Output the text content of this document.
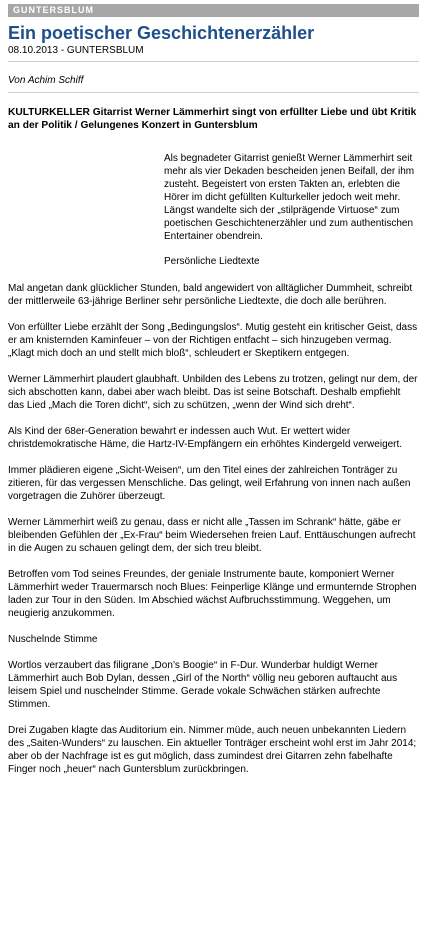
GUNTERSBLUM
Ein poetischer Geschichtenerzähler
08.10.2013 - GUNTERSBLUM
Von Achim Schiff
KULTURKELLER Gitarrist Werner Lämmerhirt singt von erfüllter Liebe und übt Kritik an der Politik / Gelungenes Konzert in Guntersblum

Als begnadeter Gitarrist genießt Werner Lämmerhirt seit mehr als vier Dekaden bescheiden jenen Beifall, der ihm zusteht. Begeistert von ersten Takten an, erlebten die Hörer im dicht gefüllten Kulturkeller jedoch weit mehr. Längst wandelte sich der „stilprägende Virtuose“ zum poetischen Geschichtenerzähler und zum authentischen Entertainer obendrein.

Persönliche Liedtexte

Mal angetan dank glücklicher Stunden, bald angewidert von alltäglicher Dummheit, schreibt der mittlerweile 63-jährige Berliner sehr persönliche Liedtexte, die doch alle berühren.

Von erfüllter Liebe erzählt der Song „Bedingungslos“. Mutig gesteht ein kritischer Geist, dass er am knisternden Kaminfeuer – von der Richtigen entfacht – sich hinzugeben vermag. „Klagt mich doch an und stellt mich bloß“, schleudert er Skeptikern entgegen.

Werner Lämmerhirt plaudert glaubhaft. Unbilden des Lebens zu trotzen, gelingt nur dem, der sich abschotten kann, dabei aber wach bleibt. Das ist seine Botschaft. Deshalb empfiehlt das Lied „Mach die Toren dicht“, sich zu schützen, „wenn der Wind sich dreht“.

Als Kind der 68er-Generation bewahrt er indessen auch Wut. Er wettert wider christdemokratische Häme, die Hartz-IV-Empfängern ein erhöhtes Kindergeld verweigert.

Immer plädieren eigene „Sicht-Weisen“, um den Titel eines der zahlreichen Tonträger zu zitieren, für das vergessen Menschliche. Das gelingt, weil Erfahrung von innen nach außen vorgetragen die Zuhörer überzeugt.

Werner Lämmerhirt weiß zu genau, dass er nicht alle „Tassen im Schrank“ hätte, gäbe er bleibenden Gefühlen der „Ex-Frau“ beim Wiedersehen freien Lauf. Enttäuschungen aufrecht in die Augen zu schauen gelingt dem, der sich treu bleibt.

Betroffen vom Tod seines Freundes, der geniale Instrumente baute, komponiert Werner Lämmerhirt weder Trauermarsch noch Blues: Feinperlige Klänge und ermunternde Strophen laden zur Tour in den Süden. Im Abschied wächst Aufbruchsstimmung. Weggehen, um neugierig anzukommen.

Nuschelnde Stimme

Wortlos verzaubert das filigrane „Don’s Boogie“ in F-Dur. Wunderbar huldigt Werner Lämmerhirt auch Bob Dylan, dessen „Girl of the North“ völlig neu geboren auftaucht aus leisem Spiel und nuschelnder Stimme. Gerade vokale Schwächen stärken aufrechte Stimmen.

Drei Zugaben klagte das Auditorium ein. Nimmer müde, auch neuen unbekannten Liedern des „Saiten-Wunders“ zu lauschen. Ein aktueller Tonträger erscheint wohl erst im Jahr 2014; aber ob der Nachfrage ist es gut möglich, dass zumindest drei Gitarren zehn fabelhafte Finger noch „heuer“ nach Guntersblum zurückbringen.
